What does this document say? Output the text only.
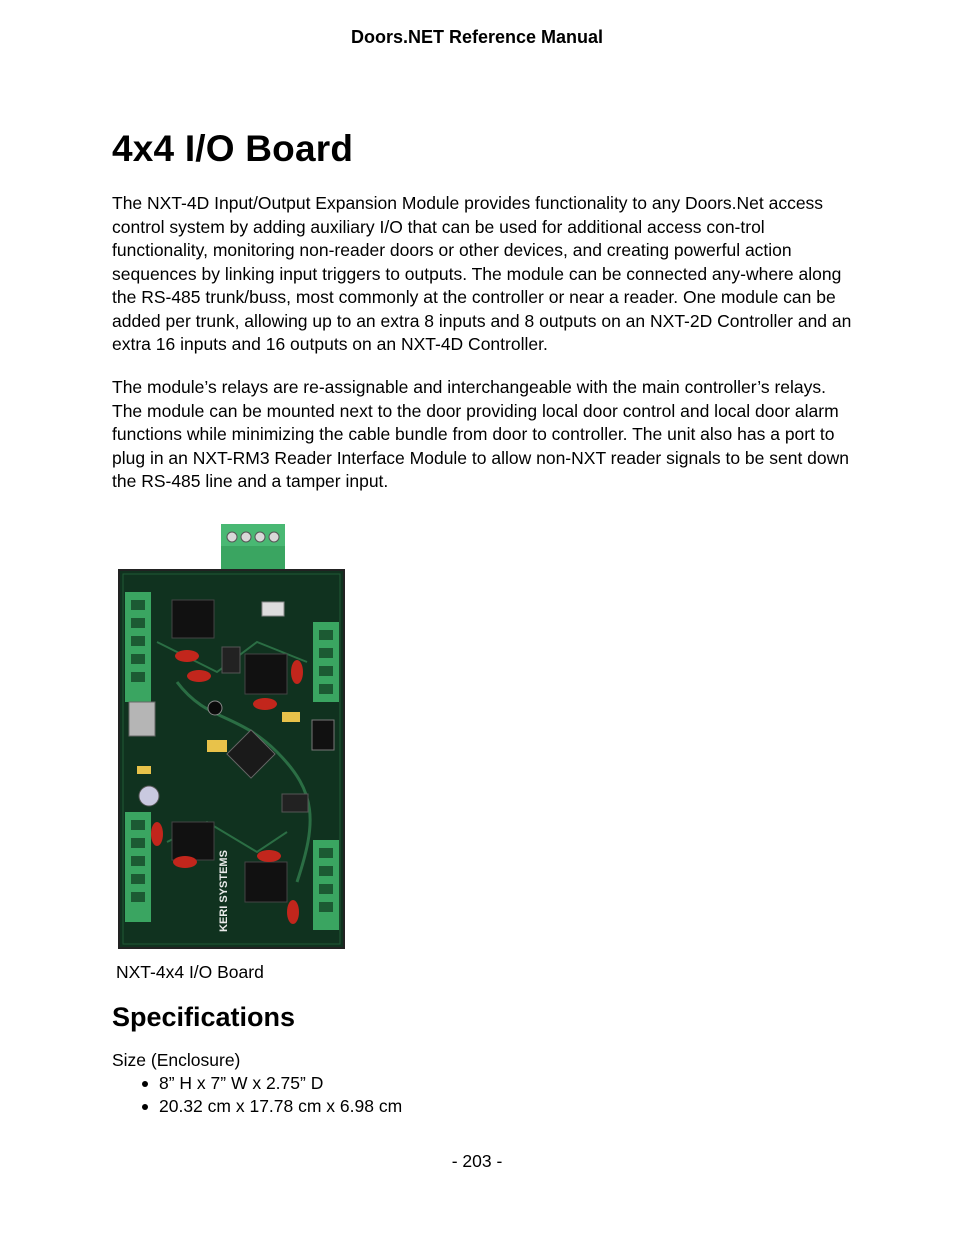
Doors.NET Reference Manual
4x4 I/O Board

The NXT-4D Input/Output Expansion Module provides functionality to any Doors.Net access control system by adding auxiliary I/O that can be used for additional access con-trol functionality, monitoring non-reader doors or other devices, and creating powerful action sequences by linking input triggers to outputs. The module can be connected any-where along the RS-485 trunk/buss, most commonly at the controller or near a reader. One module can be added per trunk, allowing up to an extra 8 inputs and 8 outputs on an NXT-2D Controller and an extra 16 inputs and 16 outputs on an NXT-4D Controller.

The module’s relays are re-assignable and interchangeable with the main controller’s relays. The module can be mounted next to the door providing local door control and local door alarm functions while minimizing the cable bundle from door to controller. The unit also has a port to plug in an NXT-RM3 Reader Interface Module to allow non-NXT reader signals to be sent down the RS-485 line and a tamper input.

KERI SYSTEMS
NXT-4x4 I/O Board
Specifications
Size (Enclosure)
8” H x 7” W x 2.75” D
20.32 cm x 17.78 cm x 6.98 cm
- 203 -
